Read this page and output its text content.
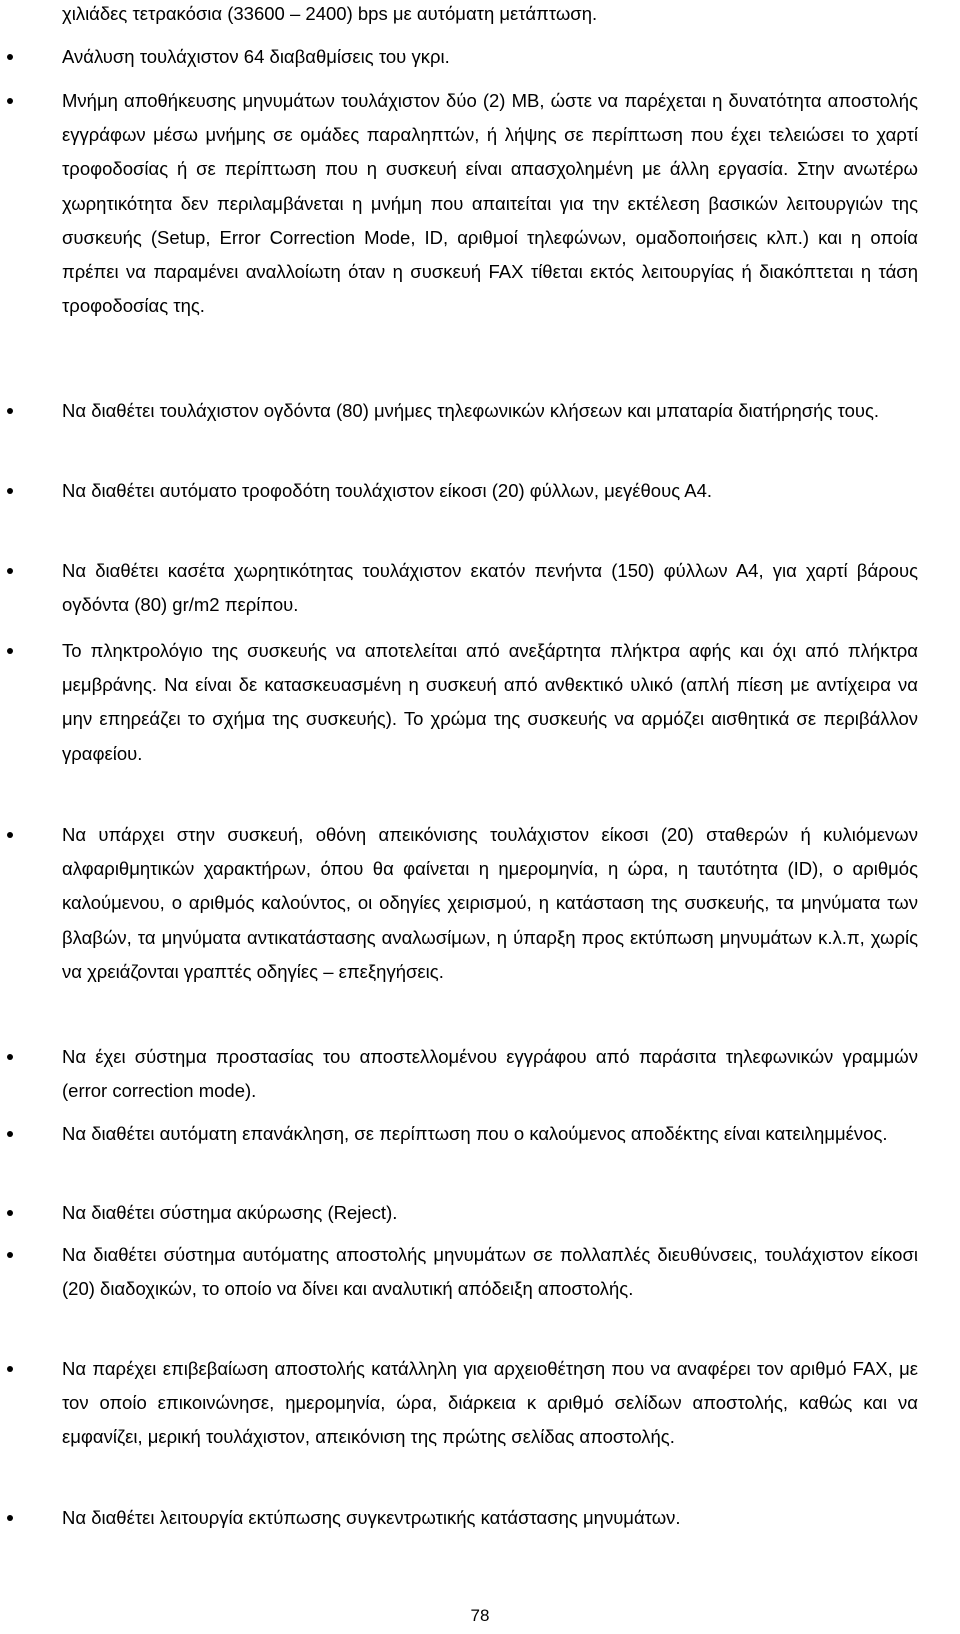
χιλιάδες τετρακόσια (33600 – 2400) bps με αυτόματη μετάπτωση.
Ανάλυση τουλάχιστον 64 διαβαθμίσεις του γκρι.
Μνήμη αποθήκευσης μηνυμάτων τουλάχιστον δύο (2) MB, ώστε να παρέχεται η δυνατότητα αποστολής εγγράφων μέσω μνήμης σε ομάδες παραληπτών, ή λήψης σε περίπτωση που έχει τελειώσει το χαρτί τροφοδοσίας ή σε περίπτωση που η συσκευή είναι απασχολημένη με άλλη εργασία. Στην ανωτέρω χωρητικότητα δεν περιλαμβάνεται η μνήμη που απαιτείται για την εκτέλεση βασικών λειτουργιών της συσκευής (Setup, Error Correction Mode, ID, αριθμοί τηλεφώνων, ομαδοποιήσεις κλπ.) και η οποία πρέπει να παραμένει αναλλοίωτη όταν η συσκευή FAX τίθεται εκτός λειτουργίας ή διακόπτεται η τάση τροφοδοσίας της.
Να διαθέτει τουλάχιστον ογδόντα (80) μνήμες τηλεφωνικών κλήσεων και μπαταρία διατήρησής τους.
Να διαθέτει αυτόματο τροφοδότη τουλάχιστον είκοσι (20) φύλλων, μεγέθους Α4.
Να διαθέτει κασέτα χωρητικότητας τουλάχιστον εκατόν πενήντα (150) φύλλων Α4, για χαρτί βάρους ογδόντα (80) gr/m2 περίπου.
Το πληκτρολόγιο της συσκευής να αποτελείται από ανεξάρτητα πλήκτρα αφής και όχι από πλήκτρα μεμβράνης. Να είναι δε κατασκευασμένη η συσκευή από ανθεκτικό υλικό (απλή πίεση με αντίχειρα να μην επηρεάζει το σχήμα της συσκευής). Το χρώμα της συσκευής να αρμόζει αισθητικά σε περιβάλλον γραφείου.
Να υπάρχει στην συσκευή, οθόνη απεικόνισης τουλάχιστον είκοσι (20) σταθερών ή κυλιόμενων αλφαριθμητικών χαρακτήρων, όπου θα φαίνεται η ημερομηνία, η ώρα, η ταυτότητα (ID), ο αριθμός καλούμενου, ο αριθμός καλούντος, οι οδηγίες χειρισμού, η κατάσταση της συσκευής, τα μηνύματα των βλαβών, τα μηνύματα αντικατάστασης αναλωσίμων, η ύπαρξη προς εκτύπωση μηνυμάτων κ.λ.π, χωρίς να χρειάζονται γραπτές οδηγίες – επεξηγήσεις.
Να έχει σύστημα προστασίας του αποστελλομένου εγγράφου από παράσιτα τηλεφωνικών γραμμών (error correction mode).
Να διαθέτει αυτόματη επανάκληση, σε περίπτωση που ο καλούμενος αποδέκτης είναι κατειλημμένος.
Να διαθέτει σύστημα ακύρωσης (Reject).
Να διαθέτει σύστημα αυτόματης αποστολής μηνυμάτων σε πολλαπλές διευθύνσεις, τουλάχιστον είκοσι (20) διαδοχικών, το οποίο να δίνει και αναλυτική απόδειξη αποστολής.
Να παρέχει επιβεβαίωση αποστολής κατάλληλη για αρχειοθέτηση που να αναφέρει τον αριθμό FAX, με τον οποίο επικοινώνησε, ημερομηνία, ώρα, διάρκεια κ αριθμό σελίδων αποστολής, καθώς και να εμφανίζει, μερική τουλάχιστον, απεικόνιση της πρώτης σελίδας αποστολής.
Να διαθέτει λειτουργία εκτύπωσης συγκεντρωτικής κατάστασης μηνυμάτων.
78
